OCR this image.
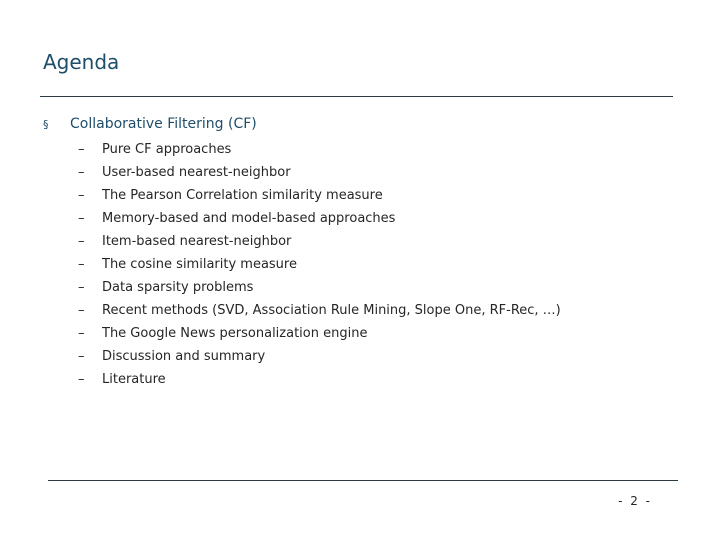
Agenda
§	Collaborative Filtering (CF)
–	Pure CF approaches
–	User-based nearest-neighbor
–	The Pearson Correlation similarity measure
–	Memory-based and model-based approaches
–	Item-based nearest-neighbor
–	The cosine similarity measure
–	Data sparsity problems
–	Recent methods (SVD, Association Rule Mining, Slope One, RF-Rec, …)
–	The Google News personalization engine
–	Discussion and summary
–	Literature
- 2 -
